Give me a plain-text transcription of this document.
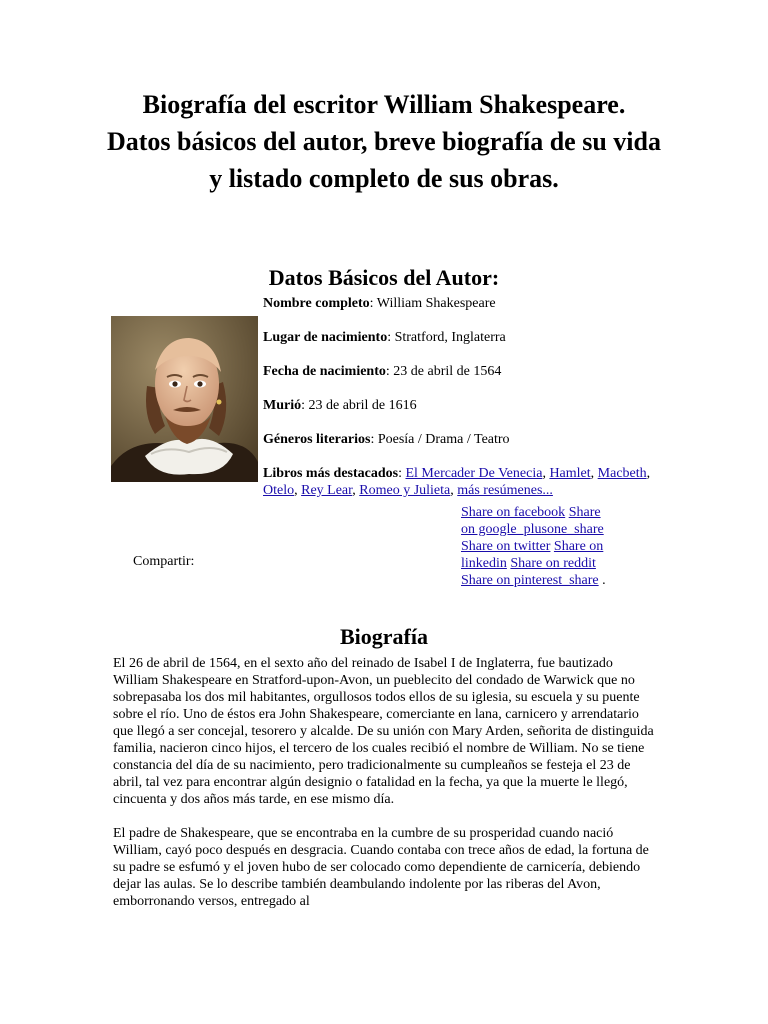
Biografía del escritor William Shakespeare.
Datos básicos del autor, breve biografía de su vida y listado completo de sus obras.
Datos Básicos del Autor:

Nombre completo: William Shakespeare

Lugar de nacimiento: Stratford, Inglaterra

Fecha de nacimiento: 23 de abril de 1564

Murió: 23 de abril de 1616

Géneros literarios: Poesía / Drama / Teatro

Libros más destacados: El Mercader De Venecia, Hamlet, Macbeth, Otelo, Rey Lear, Romeo y Julieta, más resúmenes...

Compartir:
Share on facebook Share on google_plusone_share Share on twitter Share on linkedin Share on reddit Share on pinterest_share .
Biografía

El 26 de abril de 1564, en el sexto año del reinado de Isabel I de Inglaterra, fue bautizado William Shakespeare en Stratford-upon-Avon, un pueblecito del condado de Warwick que no sobrepasaba los dos mil habitantes, orgullosos todos ellos de su iglesia, su escuela y su puente sobre el río. Uno de éstos era John Shakespeare, comerciante en lana, carnicero y arrendatario que llegó a ser concejal, tesorero y alcalde. De su unión con Mary Arden, señorita de distinguida familia, nacieron cinco hijos, el tercero de los cuales recibió el nombre de William. No se tiene constancia del día de su nacimiento, pero tradicionalmente su cumpleaños se festeja el 23 de abril, tal vez para encontrar algún designio o fatalidad en la fecha, ya que la muerte le llegó, cincuenta y dos años más tarde, en ese mismo día.

El padre de Shakespeare, que se encontraba en la cumbre de su prosperidad cuando nació William, cayó poco después en desgracia. Cuando contaba con trece años de edad, la fortuna de su padre se esfumó y el joven hubo de ser colocado como dependiente de carnicería, debiendo dejar las aulas. Se lo describe también deambulando indolente por las riberas del Avon, emborronando versos, entregado al
